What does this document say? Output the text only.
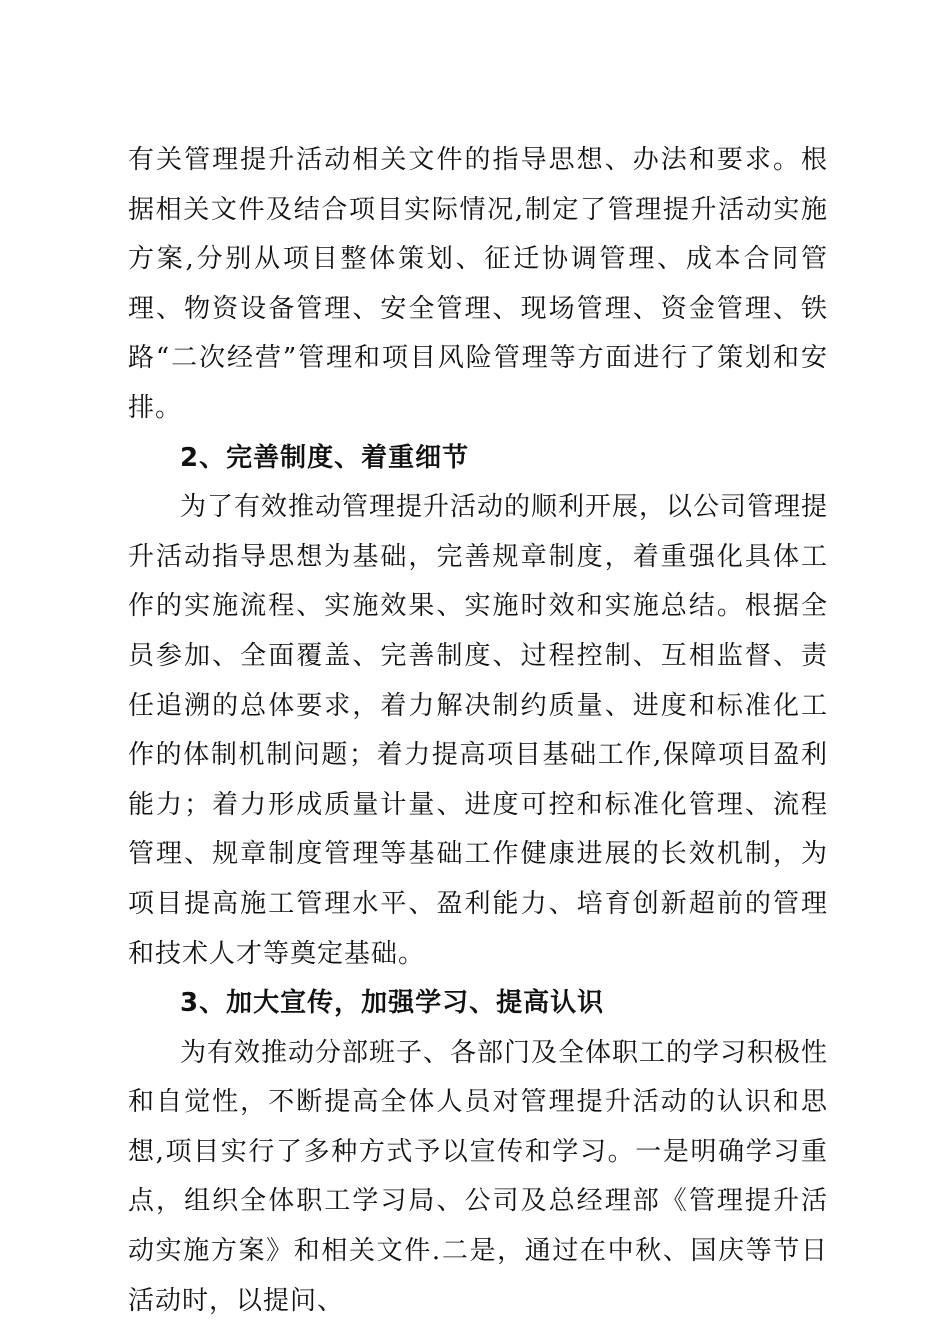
有关管理提升活动相关文件的指导思想、办法和要求。根据相关文件及结合项目实际情况,制定了管理提升活动实施方案,分别从项目整体策划、征迁协调管理、成本合同管理、物资设备管理、安全管理、现场管理、资金管理、铁路“二次经营”管理和项目风险管理等方面进行了策划和安排。

2、完善制度、着重细节

为了有效推动管理提升活动的顺利开展，以公司管理提升活动指导思想为基础，完善规章制度，着重强化具体工作的实施流程、实施效果、实施时效和实施总结。根据全员参加、全面覆盖、完善制度、过程控制、互相监督、责任追溯的总体要求，着力解决制约质量、进度和标准化工作的体制机制问题；着力提高项目基础工作,保障项目盈利能力；着力形成质量计量、进度可控和标准化管理、流程管理、规章制度管理等基础工作健康进展的长效机制，为项目提高施工管理水平、盈利能力、培育创新超前的管理和技术人才等奠定基础。

3、加大宣传，加强学习、提高认识

为有效推动分部班子、各部门及全体职工的学习积极性和自觉性，不断提高全体人员对管理提升活动的认识和思想,项目实行了多种方式予以宣传和学习。一是明确学习重点，组织全体职工学习局、公司及总经理部《管理提升活动实施方案》和相关文件.二是，通过在中秋、国庆等节日活动时，以提问、
